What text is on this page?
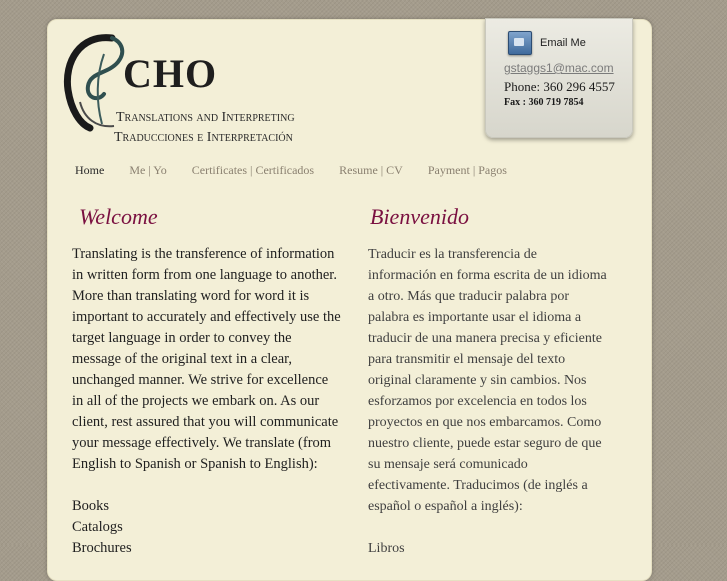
CHO
Translations and Interpreting
Traducciones e Interpretación
Email Me
gstaggs1@mac.com
Phone: 360 296 4557
Fax : 360 719 7854
Home Me | Yo Certificates | Certificados Resume | CV Payment | Pagos
Welcome	Bienvenido

Translating is the transference of information in written form from one language to another. More than translating word for word it is important to accurately and effectively use the target language in order to convey the message of the original text in a clear, unchanged manner. We strive for excellence in all of the projects we embark on. As our client, rest assured that you will communicate your message effectively. We translate (from English to Spanish or Spanish to English):

Books
Catalogs
Brochures

Traducir es la transferencia de información en forma escrita de un idioma a otro. Más que traducir palabra por palabra es importante usar el idioma a traducir de una manera precisa y eficiente para transmitir el mensaje del texto original claramente y sin cambios. Nos esforzamos por excelencia en todos los proyectos en que nos embarcamos. Como nuestro cliente, puede estar seguro de que su mensaje será comunicado efectivamente. Traducimos (de inglés a español o español a inglés):

Libros
